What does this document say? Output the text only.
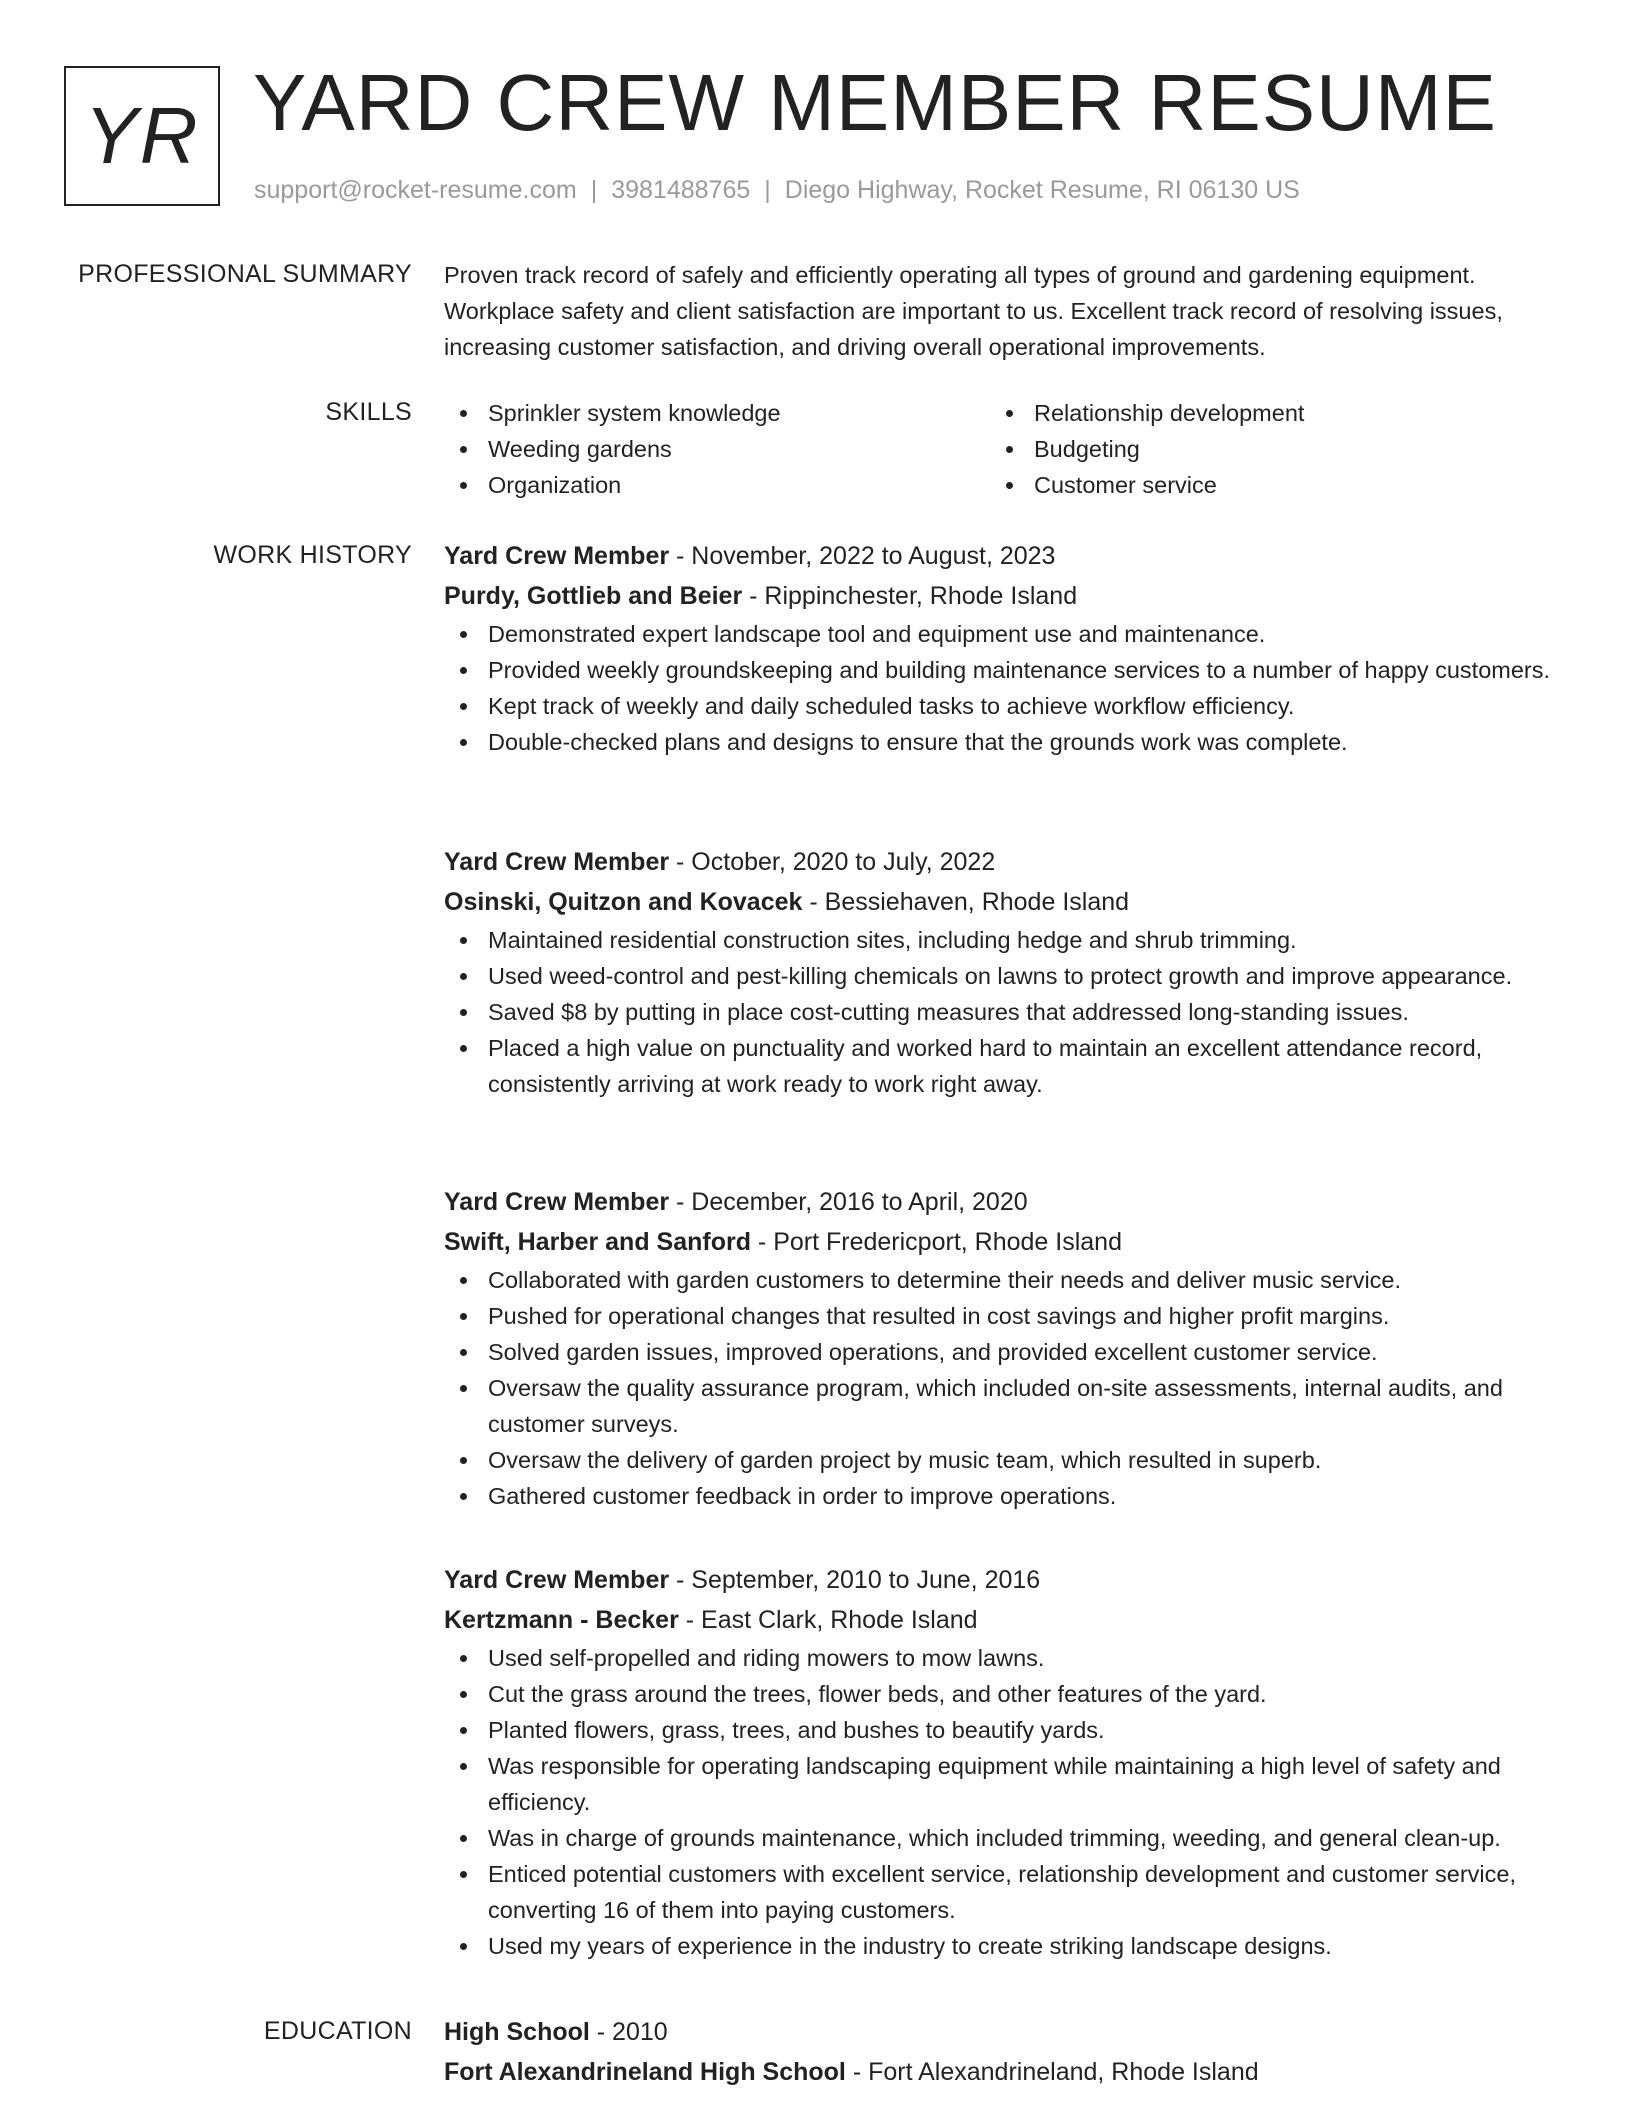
YR YARD CREW MEMBER RESUME
support@rocket-resume.com | 3981488765 | Diego Highway, Rocket Resume, RI 06130 US
PROFESSIONAL SUMMARY Proven track record of safely and efficiently operating all types of ground and gardening equipment. Workplace safety and client satisfaction are important to us. Excellent track record of resolving issues, increasing customer satisfaction, and driving overall operational improvements.
SKILLS	Sprinkler system knowledge
Weeding gardens
Organization
Relationship development
Budgeting
Customer service
WORK HISTORY Yard Crew Member - November, 2022 to August, 2023
Purdy, Gottlieb and Beier - Rippinchester, Rhode Island
Demonstrated expert landscape tool and equipment use and maintenance.
Provided weekly groundskeeping and building maintenance services to a number of happy customers.
Kept track of weekly and daily scheduled tasks to achieve workflow efficiency.
Double-checked plans and designs to ensure that the grounds work was complete.
Yard Crew Member - October, 2020 to July, 2022
Osinski, Quitzon and Kovacek - Bessiehaven, Rhode Island
Maintained residential construction sites, including hedge and shrub trimming.
Used weed-control and pest-killing chemicals on lawns to protect growth and improve appearance.
Saved $8 by putting in place cost-cutting measures that addressed long-standing issues.
Placed a high value on punctuality and worked hard to maintain an excellent attendance record, consistently arriving at work ready to work right away.
Yard Crew Member - December, 2016 to April, 2020
Swift, Harber and Sanford - Port Fredericport, Rhode Island
Collaborated with garden customers to determine their needs and deliver music service.
Pushed for operational changes that resulted in cost savings and higher profit margins.
Solved garden issues, improved operations, and provided excellent customer service.
Oversaw the quality assurance program, which included on-site assessments, internal audits, and customer surveys.
Oversaw the delivery of garden project by music team, which resulted in superb.
Gathered customer feedback in order to improve operations.
Yard Crew Member - September, 2010 to June, 2016
Kertzmann - Becker - East Clark, Rhode Island
Used self-propelled and riding mowers to mow lawns.
Cut the grass around the trees, flower beds, and other features of the yard.
Planted flowers, grass, trees, and bushes to beautify yards.
Was responsible for operating landscaping equipment while maintaining a high level of safety and efficiency.
Was in charge of grounds maintenance, which included trimming, weeding, and general clean-up.
Enticed potential customers with excellent service, relationship development and customer service, converting 16 of them into paying customers.
Used my years of experience in the industry to create striking landscape designs.
EDUCATION High School - 2010
Fort Alexandrineland High School - Fort Alexandrineland, Rhode Island
